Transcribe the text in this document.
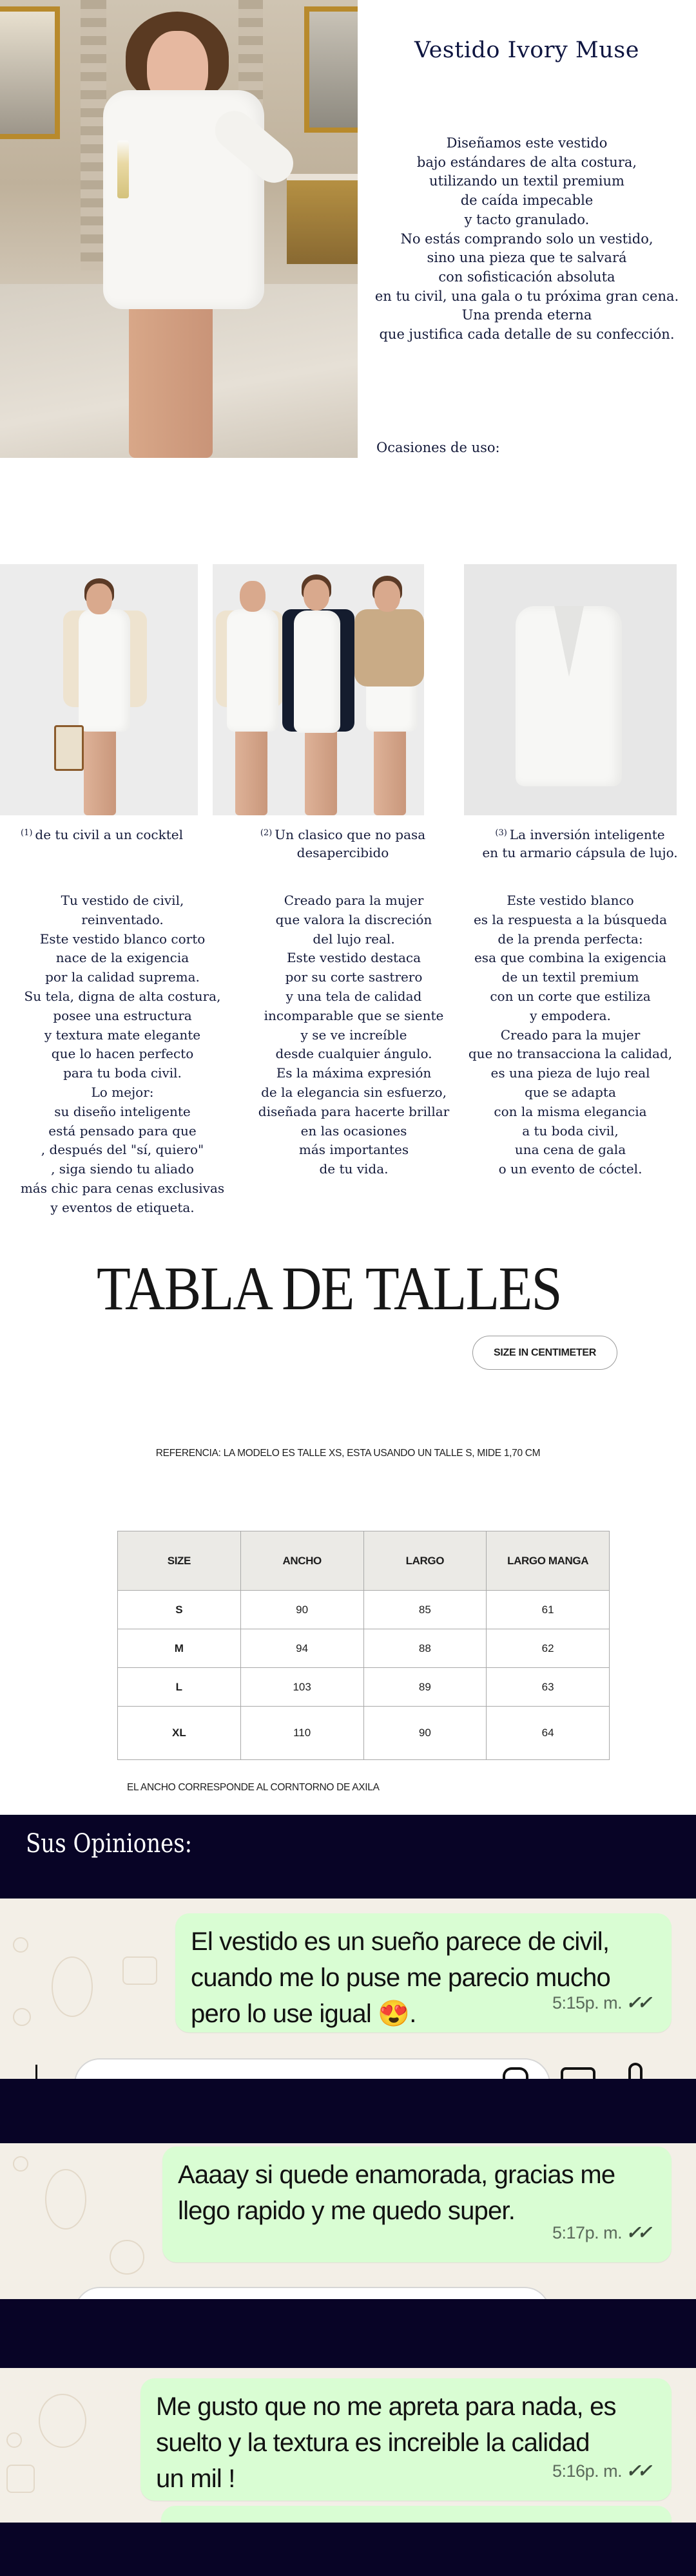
Vestido Ivory Muse
Diseñamos este vestido
bajo estándares de alta costura,
utilizando un textil premium
de caída impecable
y tacto granulado.
No estás comprando solo un vestido,
sino una pieza que te salvará
con sofisticación absoluta
en tu civil, una gala o tu próxima gran cena.
Una prenda eterna
que justifica cada detalle de su confección.
Ocasiones de uso:
$^{(1)}$ de tu civil a un cocktel	$^{(2)}$ Un clasico que no pasa
desapercibido
$^{(3)}$ La inversión inteligente
en tu armario cápsula de lujo.
Tu vestido de civil,
reinventado.
Este vestido blanco corto
nace de la exigencia
por la calidad suprema.
Su tela, digna de alta costura,
posee una estructura
y textura mate elegante
que lo hacen perfecto
para tu boda civil.
Lo mejor:
su diseño inteligente
está pensado para que
, después del "sí, quiero"
, siga siendo tu aliado
más chic para cenas exclusivas
y eventos de etiqueta.
Creado para la mujer
que valora la discreción
del lujo real.
Este vestido destaca
por su corte sastrero
y una tela de calidad
incomparable que se siente
y se ve increíble
desde cualquier ángulo.
Es la máxima expresión
de la elegancia sin esfuerzo,
diseñada para hacerte brillar
en las ocasiones
más importantes
de tu vida.
Este vestido blanco
es la respuesta a la búsqueda
de la prenda perfecta:
esa que combina la exigencia
de un textil premium
con un corte que estiliza
y empodera.
Creado para la mujer
que no transacciona la calidad,
es una pieza de lujo real
que se adapta
con la misma elegancia
a tu boda civil,
una cena de gala
o un evento de cóctel.
TABLA DE TALLES
SIZE IN CENTIMETER
REFERENCIA: LA MODELO ES TALLE XS, ESTA USANDO UN TALLE S, MIDE 1,70 CM
SIZE	ANCHO	LARGO	LARGO MANGA
S	90	85	61
M	94	88	62
L	103	89	63
XL	110	90	64
EL ANCHO CORRESPONDE AL CORNTORNO DE AXILA
Sus Opiniones:
El vestido es un sueño parece de civil,
cuando me lo puse me parecio mucho
pero lo use igual 😍.	5:15p. m. ✓✓
Aaaay si quede enamorada, gracias me
llego rapido y me quedo super.
5:17p. m. ✓✓
Me gusto que no me apreta para nada, es
suelto y la textura es increible la calidad
un mil !	5:16p. m. ✓✓
